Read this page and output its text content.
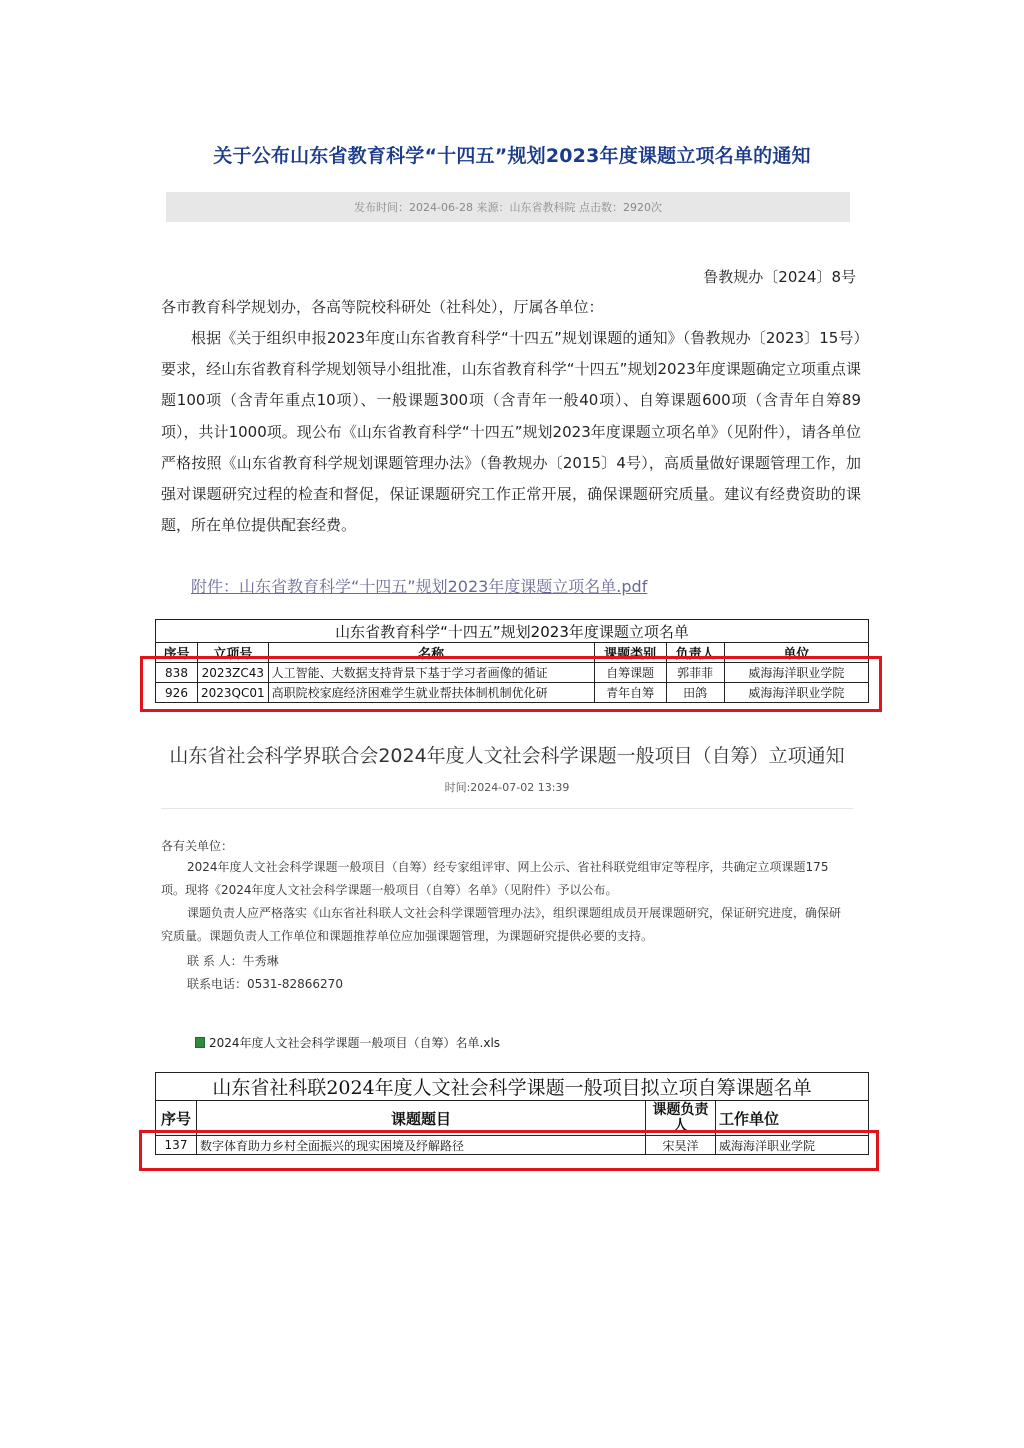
关于公布山东省教育科学“十四五”规划2023年度课题立项名单的通知
发布时间：2024-06-28 来源：山东省教科院 点击数：2920次
鲁教规办〔2024〕8号
各市教育科学规划办，各高等院校科研处（社科处），厅属各单位：
根据《关于组织申报2023年度山东省教育科学“十四五”规划课题的通知》（鲁教规办〔2023〕15号）要求，经山东省教育科学规划领导小组批准，山东省教育科学“十四五”规划2023年度课题确定立项重点课题100项（含青年重点10项）、一般课题300项（含青年一般40项）、自筹课题600项（含青年自筹89项），共计1000项。现公布《山东省教育科学“十四五”规划2023年度课题立项名单》（见附件），请各单位严格按照《山东省教育科学规划课题管理办法》（鲁教规办〔2015〕4号），高质量做好课题管理工作，加强对课题研究过程的检查和督促，保证课题研究工作正常开展，确保课题研究质量。建议有经费资助的课题，所在单位提供配套经费。
附件：山东省教育科学“十四五”规划2023年度课题立项名单.pdf
山东省教育科学“十四五”规划2023年度课题立项名单					
序号	立项号	名称	课题类别	负责人	单位
838	2023ZC43	人工智能、大数据支持背景下基于学习者画像的循证	自筹课题	郭菲菲	威海海洋职业学院
926	2023QC01	高职院校家庭经济困难学生就业帮扶体制机制优化研	青年自筹	田鸽	威海海洋职业学院
山东省社会科学界联合会2024年度人文社会科学课题一般项目（自筹）立项通知
时间:2024-07-02 13:39
各有关单位：

2024年度人文社会科学课题一般项目（自筹）经专家组评审、网上公示、省社科联党组审定等程序，共确定立项课题175项。现将《2024年度人文社会科学课题一般项目（自筹）名单》（见附件）予以公布。

课题负责人应严格落实《山东省社科联人文社会科学课题管理办法》，组织课题组成员开展课题研究，保证研究进度，确保研究质量。课题负责人工作单位和课题推荐单位应加强课题管理，为课题研究提供必要的支持。

联 系 人：牛秀琳
联系电话：0531-82866270
2024年度人文社会科学课题一般项目（自筹）名单.xls
山东省社科联2024年度人文社会科学课题一般项目拟立项自筹课题名单			
序号	课题题目	课题负责人	工作单位
137	数字体育助力乡村全面振兴的现实困境及纾解路径	宋昊洋	威海海洋职业学院
